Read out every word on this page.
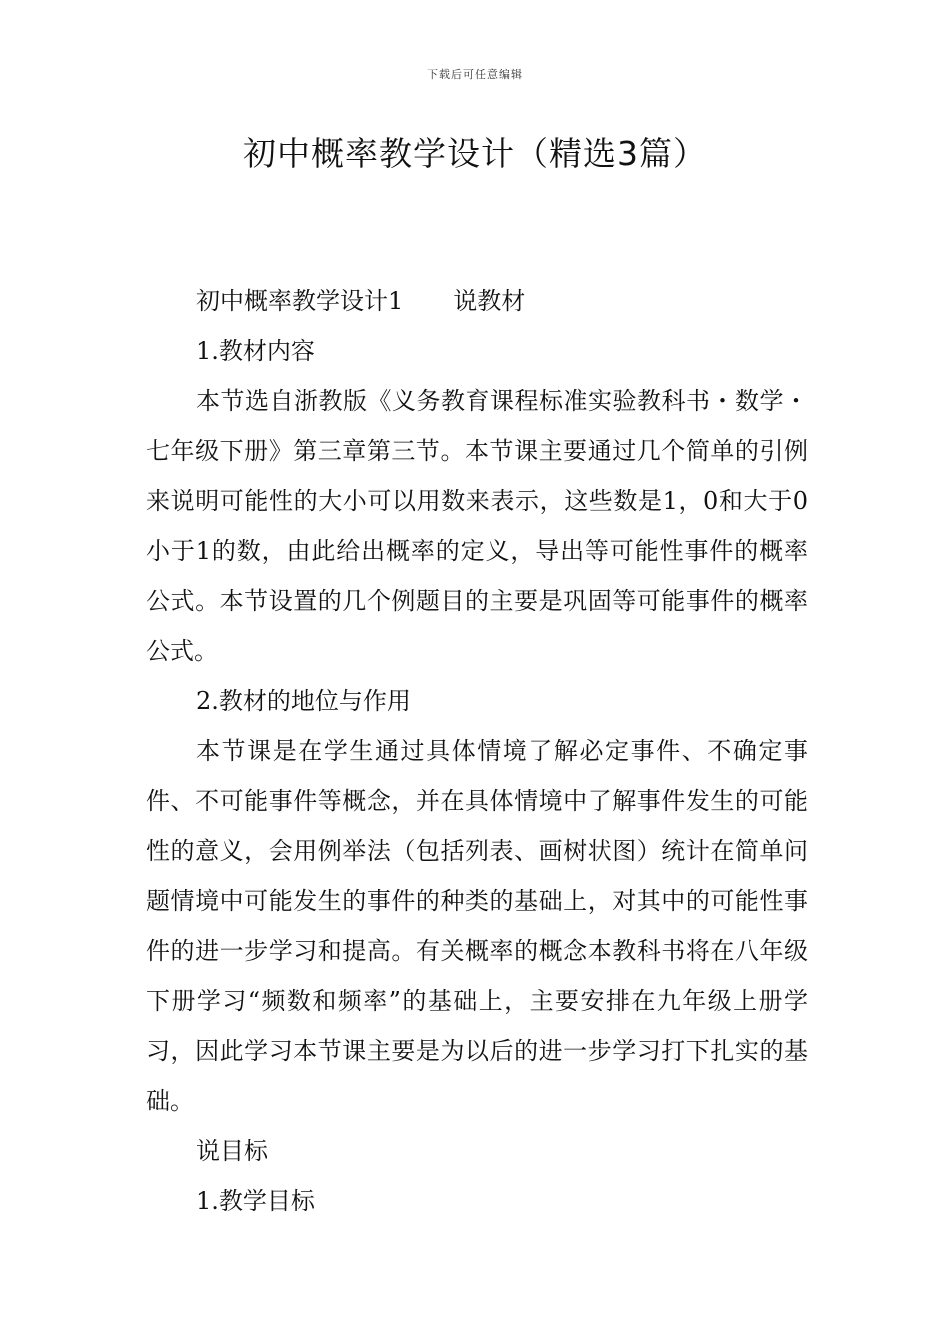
下载后可任意编辑
初中概率教学设计（精选3篇）

初中概率教学设计1 说教材

1.教材内容

本节选自浙教版《义务教育课程标准实验教科书・数学・七年级下册》第三章第三节。本节课主要通过几个简单的引例来说明可能性的大小可以用数来表示，这些数是1，0和大于0小于1的数，由此给出概率的定义，导出等可能性事件的概率公式。本节设置的几个例题目的主要是巩固等可能事件的概率公式。

2.教材的地位与作用

本节课是在学生通过具体情境了解必定事件、不确定事件、不可能事件等概念，并在具体情境中了解事件发生的可能性的意义，会用例举法（包括列表、画树状图）统计在简单问题情境中可能发生的事件的种类的基础上，对其中的可能性事件的进一步学习和提高。有关概率的概念本教科书将在八年级下册学习“频数和频率”的基础上，主要安排在九年级上册学习，因此学习本节课主要是为以后的进一步学习打下扎实的基础。

说目标

1.教学目标
